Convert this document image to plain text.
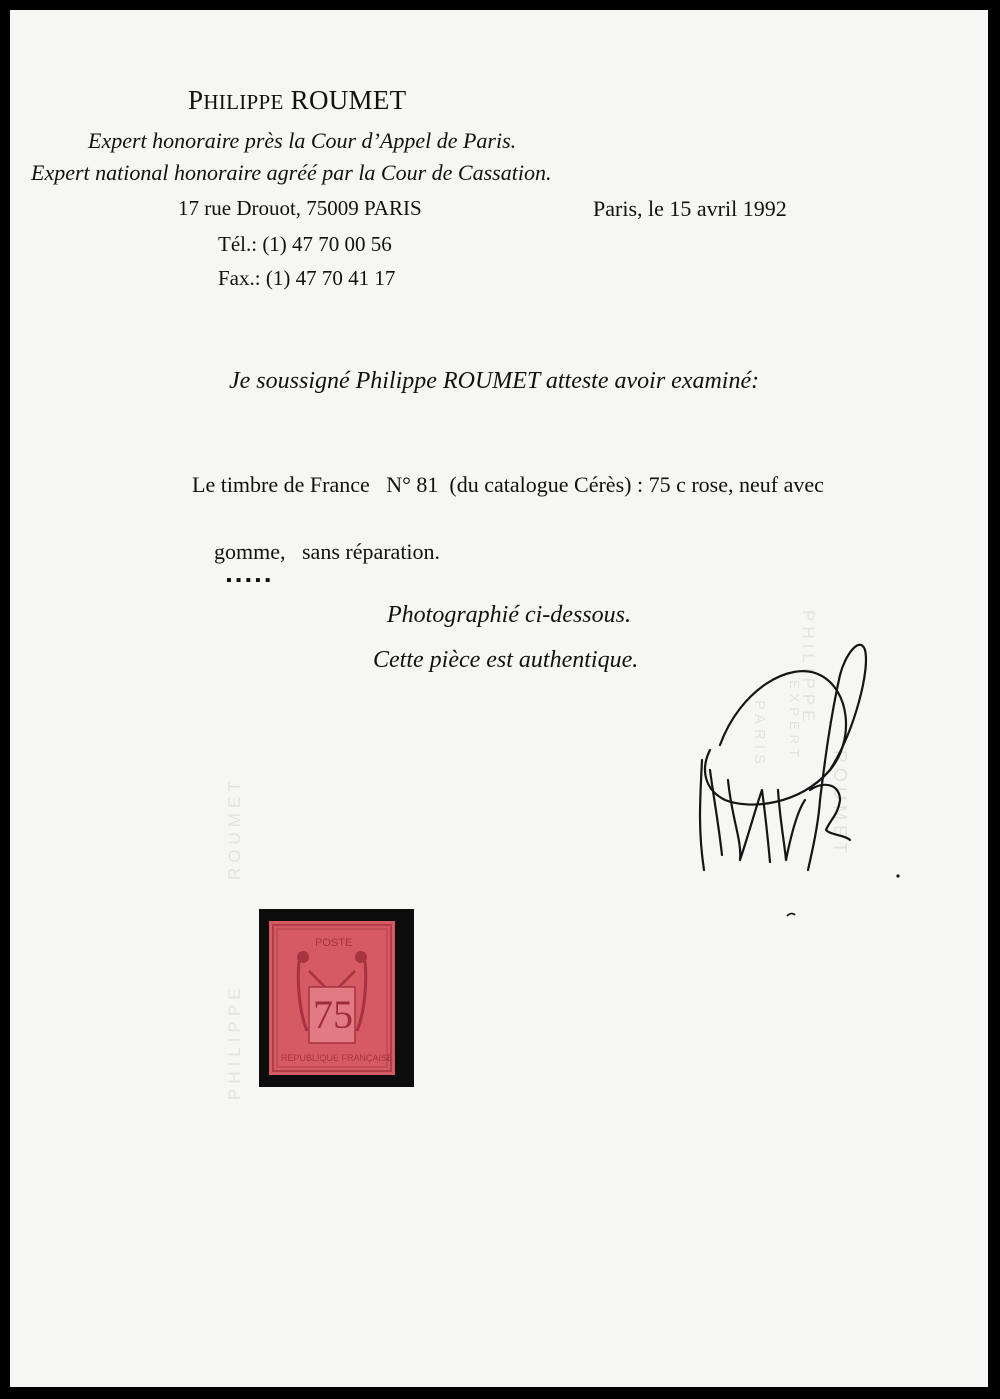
PHILIPPE ROUMET
Expert honoraire près la Cour d’Appel de Paris.
Expert national honoraire agréé par la Cour de Cassation.
17 rue Drouot, 75009 PARIS	Paris, le 15 avril 1992
Tél.: (1) 47 70 00 56
Fax.: (1) 47 70 41 17
Je soussigné Philippe ROUMET atteste avoir examiné:
Le timbre de France   N° 81  (du catalogue Cérès) : 75 c rose, neuf avec

gomme,   sans réparation.
▪▪▪▪▪

Photographié ci-dessous.
Cette pièce est authentique.	PHILIPPE
ROUMET
EXPERT
PARIS
ROUMET
PHILIPPE
POSTE
75
REPUBLIQUE FRANÇAISE
